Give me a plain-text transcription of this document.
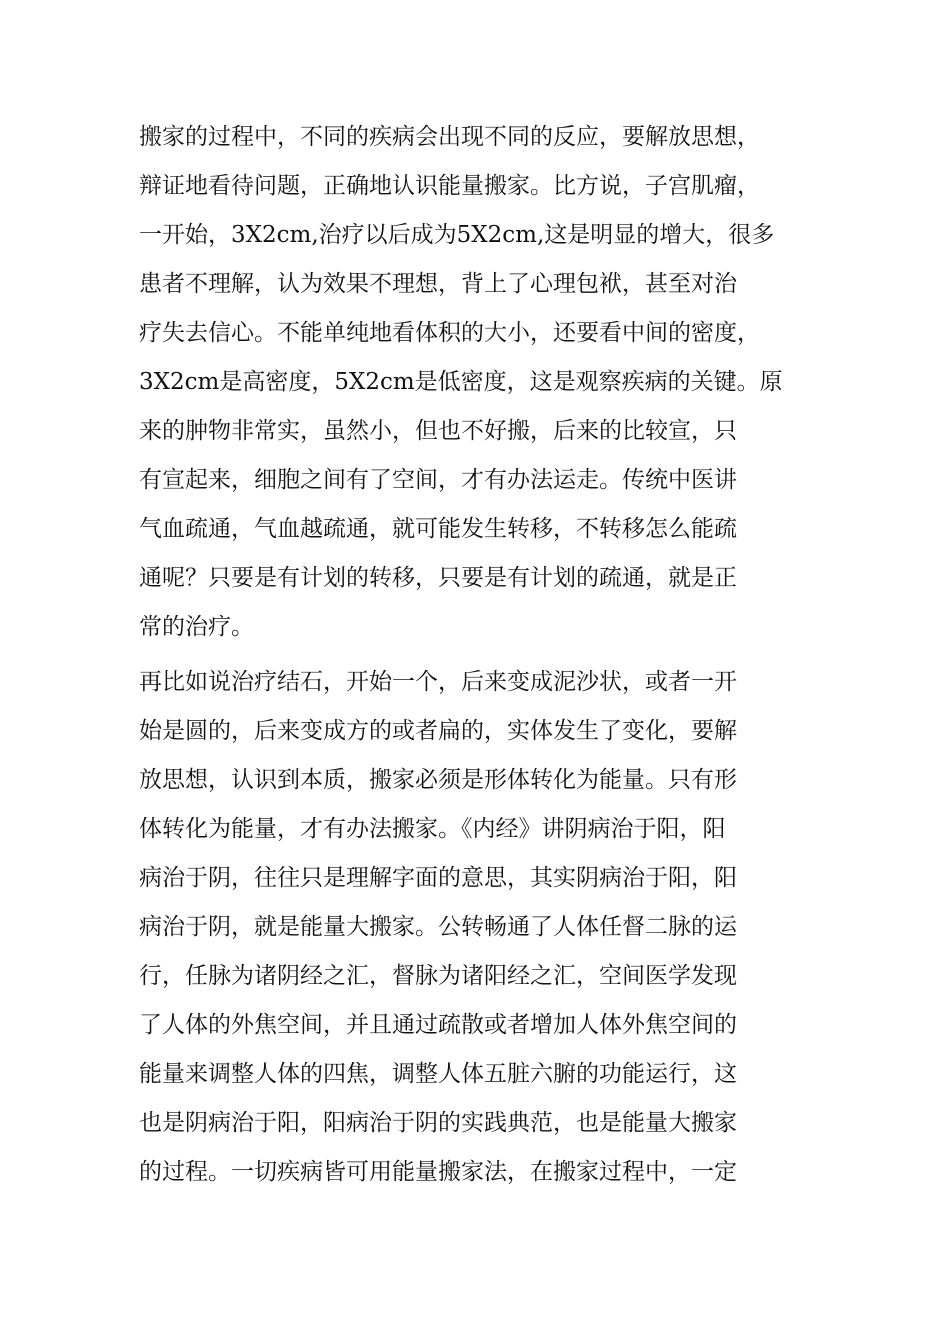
搬家的过程中，不同的疾病会出现不同的反应，要解放思想，
辩证地看待问题，正确地认识能量搬家。比方说，子宫肌瘤，
一开始，3X2cm,治疗以后成为5X2cm,这是明显的增大，很多
患者不理解，认为效果不理想，背上了心理包袱，甚至对治
疗失去信心。不能单纯地看体积的大小，还要看中间的密度，
3X2cm是高密度，5X2cm是低密度，这是观察疾病的关键。原
来的肿物非常实，虽然小，但也不好搬，后来的比较宣，只
有宣起来，细胞之间有了空间，才有办法运走。传统中医讲
气血疏通，气血越疏通，就可能发生转移，不转移怎么能疏
通呢？只要是有计划的转移，只要是有计划的疏通，就是正
常的治疗。
再比如说治疗结石，开始一个，后来变成泥沙状，或者一开
始是圆的，后来变成方的或者扁的，实体发生了变化，要解
放思想，认识到本质，搬家必须是形体转化为能量。只有形
体转化为能量，才有办法搬家。《内经》讲阴病治于阳，阳
病治于阴，往往只是理解字面的意思，其实阴病治于阳，阳
病治于阴，就是能量大搬家。公转畅通了人体任督二脉的运
行，任脉为诸阴经之汇，督脉为诸阳经之汇，空间医学发现
了人体的外焦空间，并且通过疏散或者增加人体外焦空间的
能量来调整人体的四焦，调整人体五脏六腑的功能运行，这
也是阴病治于阳，阳病治于阴的实践典范，也是能量大搬家
的过程。一切疾病皆可用能量搬家法，在搬家过程中，一定
